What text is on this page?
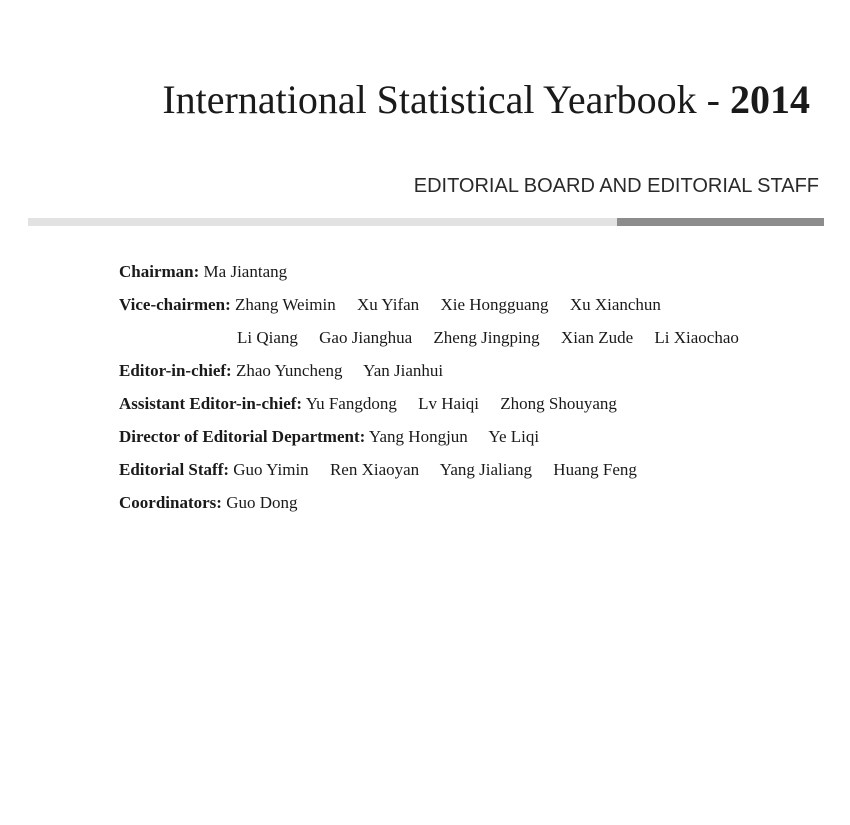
International Statistical Yearbook - 2014
EDITORIAL BOARD AND EDITORIAL STAFF
Chairman: Ma Jiantang
Vice-chairmen: Zhang Weimin Xu Yifan Xie Hongguang Xu Xianchun
Li Qiang Gao Jianghua Zheng Jingping Xian Zude Li Xiaochao
Editor-in-chief: Zhao Yuncheng Yan Jianhui
Assistant Editor-in-chief: Yu Fangdong Lv Haiqi Zhong Shouyang
Director of Editorial Department: Yang Hongjun Ye Liqi
Editorial Staff: Guo Yimin Ren Xiaoyan Yang Jialiang Huang Feng
Coordinators: Guo Dong
